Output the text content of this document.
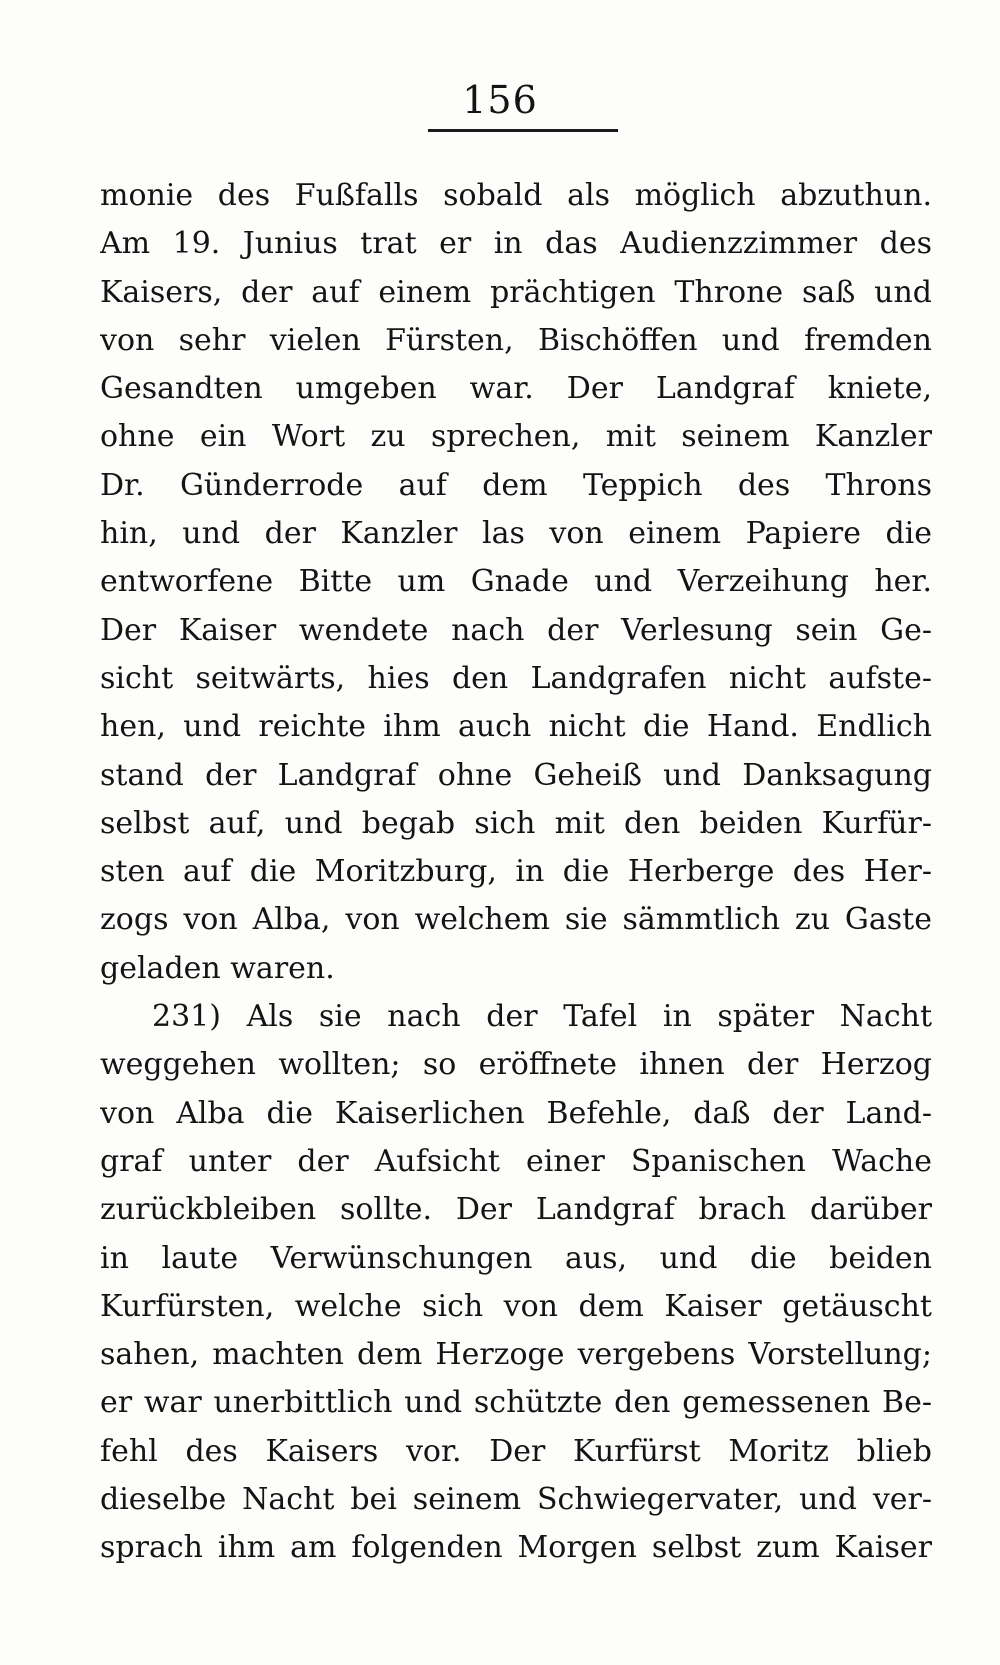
156
monie des Fußfalls sobald als möglich abzuthun.
Am 19. Junius trat er in das Audienzzimmer des
Kaisers, der auf einem prächtigen Throne saß und
von sehr vielen Fürsten, Bischöffen und fremden
Gesandten umgeben war. Der Landgraf kniete,
ohne ein Wort zu sprechen, mit seinem Kanzler
Dr. Günderrode auf dem Teppich des Throns
hin, und der Kanzler las von einem Papiere die
entworfene Bitte um Gnade und Verzeihung her.
Der Kaiser wendete nach der Verlesung sein Ge-
sicht seitwärts, hies den Landgrafen nicht aufste-
hen, und reichte ihm auch nicht die Hand. Endlich
stand der Landgraf ohne Geheiß und Danksagung
selbst auf, und begab sich mit den beiden Kurfür-
sten auf die Moritzburg, in die Herberge des Her-
zogs von Alba, von welchem sie sämmtlich zu Gaste
geladen waren.
231) Als sie nach der Tafel in später Nacht
weggehen wollten; so eröffnete ihnen der Herzog
von Alba die Kaiserlichen Befehle, daß der Land-
graf unter der Aufsicht einer Spanischen Wache
zurückbleiben sollte. Der Landgraf brach darüber
in laute Verwünschungen aus, und die beiden
Kurfürsten, welche sich von dem Kaiser getäuscht
sahen, machten dem Herzoge vergebens Vorstellung;
er war unerbittlich und schützte den gemessenen Be-
fehl des Kaisers vor. Der Kurfürst Moritz blieb
dieselbe Nacht bei seinem Schwiegervater, und ver-
sprach ihm am folgenden Morgen selbst zum Kaiser
